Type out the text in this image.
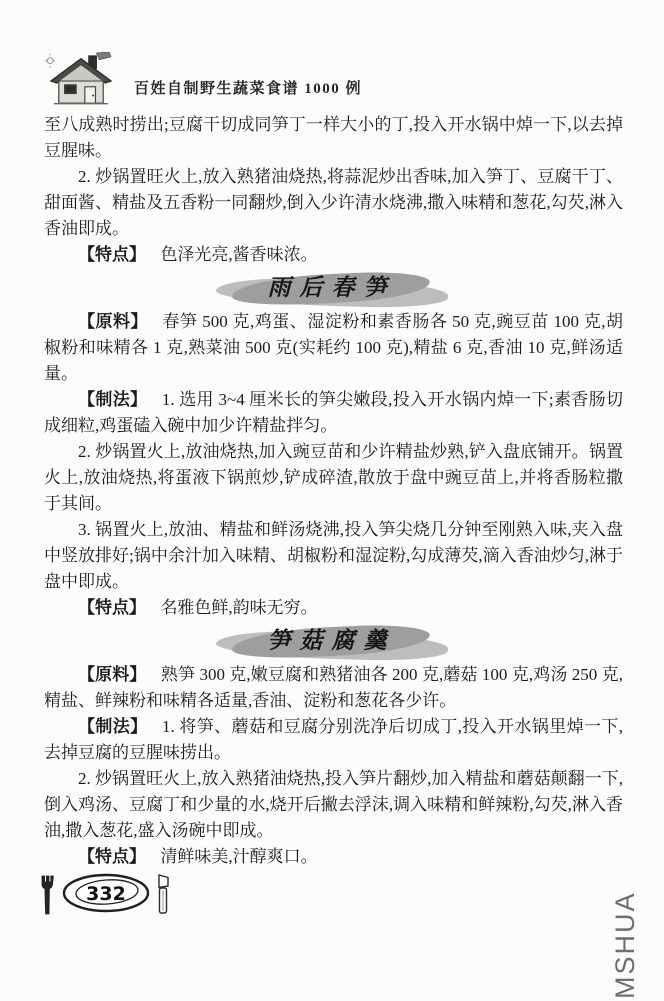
百姓自制野生蔬菜食谱 1000 例

至八成熟时捞出;豆腐干切成同笋丁一样大小的丁,投入开水锅中焯一下,以去掉豆腥味。

2. 炒锅置旺火上,放入熟猪油烧热,将蒜泥炒出香味,加入笋丁、豆腐干丁、甜面酱、精盐及五香粉一同翻炒,倒入少许清水烧沸,撒入味精和葱花,勾芡,淋入香油即成。

【特点】 色泽光亮,酱香味浓。

雨后春笋

【原料】 春笋 500 克,鸡蛋、湿淀粉和素香肠各 50 克,豌豆苗 100 克,胡椒粉和味精各 1 克,熟菜油 500 克(实耗约 100 克),精盐 6 克,香油 10 克,鲜汤适量。

【制法】 1. 选用 3~4 厘米长的笋尖嫩段,投入开水锅内焯一下;素香肠切成细粒,鸡蛋磕入碗中加少许精盐拌匀。

2. 炒锅置火上,放油烧热,加入豌豆苗和少许精盐炒熟,铲入盘底铺开。锅置火上,放油烧热,将蛋液下锅煎炒,铲成碎渣,散放于盘中豌豆苗上,并将香肠粒撒于其间。

3. 锅置火上,放油、精盐和鲜汤烧沸,投入笋尖烧几分钟至刚熟入味,夹入盘中竖放排好;锅中余汁加入味精、胡椒粉和湿淀粉,勾成薄芡,滴入香油炒匀,淋于盘中即成。

【特点】 名雅色鲜,韵味无穷。

笋菇腐羹

【原料】 熟笋 300 克,嫩豆腐和熟猪油各 200 克,蘑菇 100 克,鸡汤 250 克,精盐、鲜辣粉和味精各适量,香油、淀粉和葱花各少许。

【制法】 1. 将笋、蘑菇和豆腐分别洗净后切成丁,投入开水锅里焯一下,去掉豆腐的豆腥味捞出。

2. 炒锅置旺火上,放入熟猪油烧热,投入笋片翻炒,加入精盐和蘑菇颠翻一下,倒入鸡汤、豆腐丁和少量的水,烧开后撇去浮沫,调入味精和鲜辣粉,勾芡,淋入香油,撒入葱花,盛入汤碗中即成。

【特点】 清鲜味美,汁醇爽口。

332	MSHUA
